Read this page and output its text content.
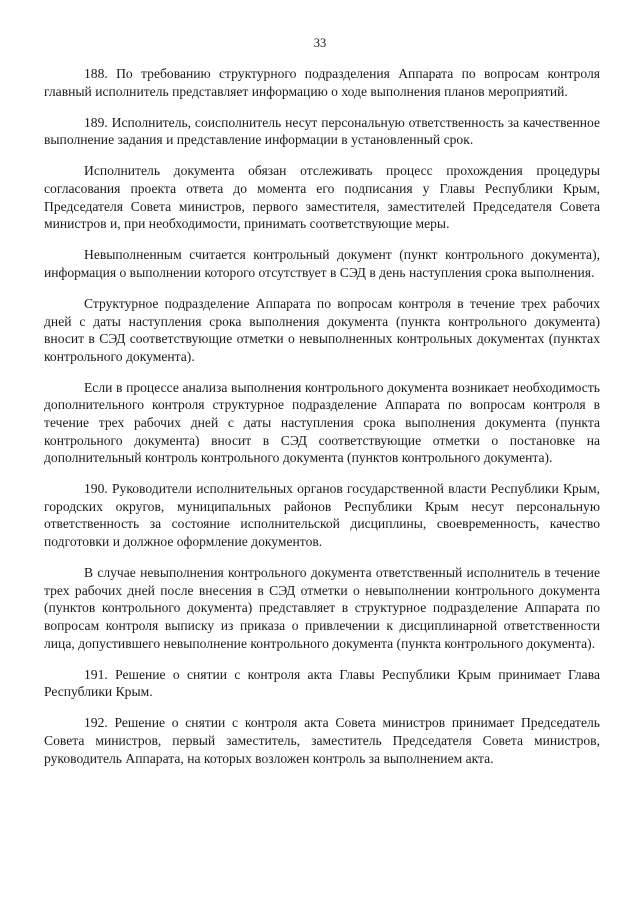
33

188. По требованию структурного подразделения Аппарата по вопросам контроля главный исполнитель представляет информацию о ходе выполнения планов мероприятий.

189. Исполнитель, соисполнитель несут персональную ответственность за качественное выполнение задания и представление информации в установленный срок.

Исполнитель документа обязан отслеживать процесс прохождения процедуры согласования проекта ответа до момента его подписания у Главы Республики Крым, Председателя Совета министров, первого заместителя, заместителей Председателя Совета министров и, при необходимости, принимать соответствующие меры.

Невыполненным считается контрольный документ (пункт контрольного документа), информация о выполнении которого отсутствует в СЭД в день наступления срока выполнения.

Структурное подразделение Аппарата по вопросам контроля в течение трех рабочих дней с даты наступления срока выполнения документа (пункта контрольного документа) вносит в СЭД соответствующие отметки о невыполненных контрольных документах (пунктах контрольного документа).

Если в процессе анализа выполнения контрольного документа возникает необходимость дополнительного контроля структурное подразделение Аппарата по вопросам контроля в течение трех рабочих дней с даты наступления срока выполнения документа (пункта контрольного документа) вносит в СЭД соответствующие отметки о постановке на дополнительный контроль контрольного документа (пунктов контрольного документа).

190. Руководители исполнительных органов государственной власти Республики Крым, городских округов, муниципальных районов Республики Крым несут персональную ответственность за состояние исполнительской дисциплины, своевременность, качество подготовки и должное оформление документов.

В случае невыполнения контрольного документа ответственный исполнитель в течение трех рабочих дней после внесения в СЭД отметки о невыполнении контрольного документа (пунктов контрольного документа) представляет в структурное подразделение Аппарата по вопросам контроля выписку из приказа о привлечении к дисциплинарной ответственности лица, допустившего невыполнение контрольного документа (пункта контрольного документа).

191. Решение о снятии с контроля акта Главы Республики Крым принимает Глава Республики Крым.

192. Решение о снятии с контроля акта Совета министров принимает Председатель Совета министров, первый заместитель, заместитель Председателя Совета министров, руководитель Аппарата, на которых возложен контроль за выполнением акта.
